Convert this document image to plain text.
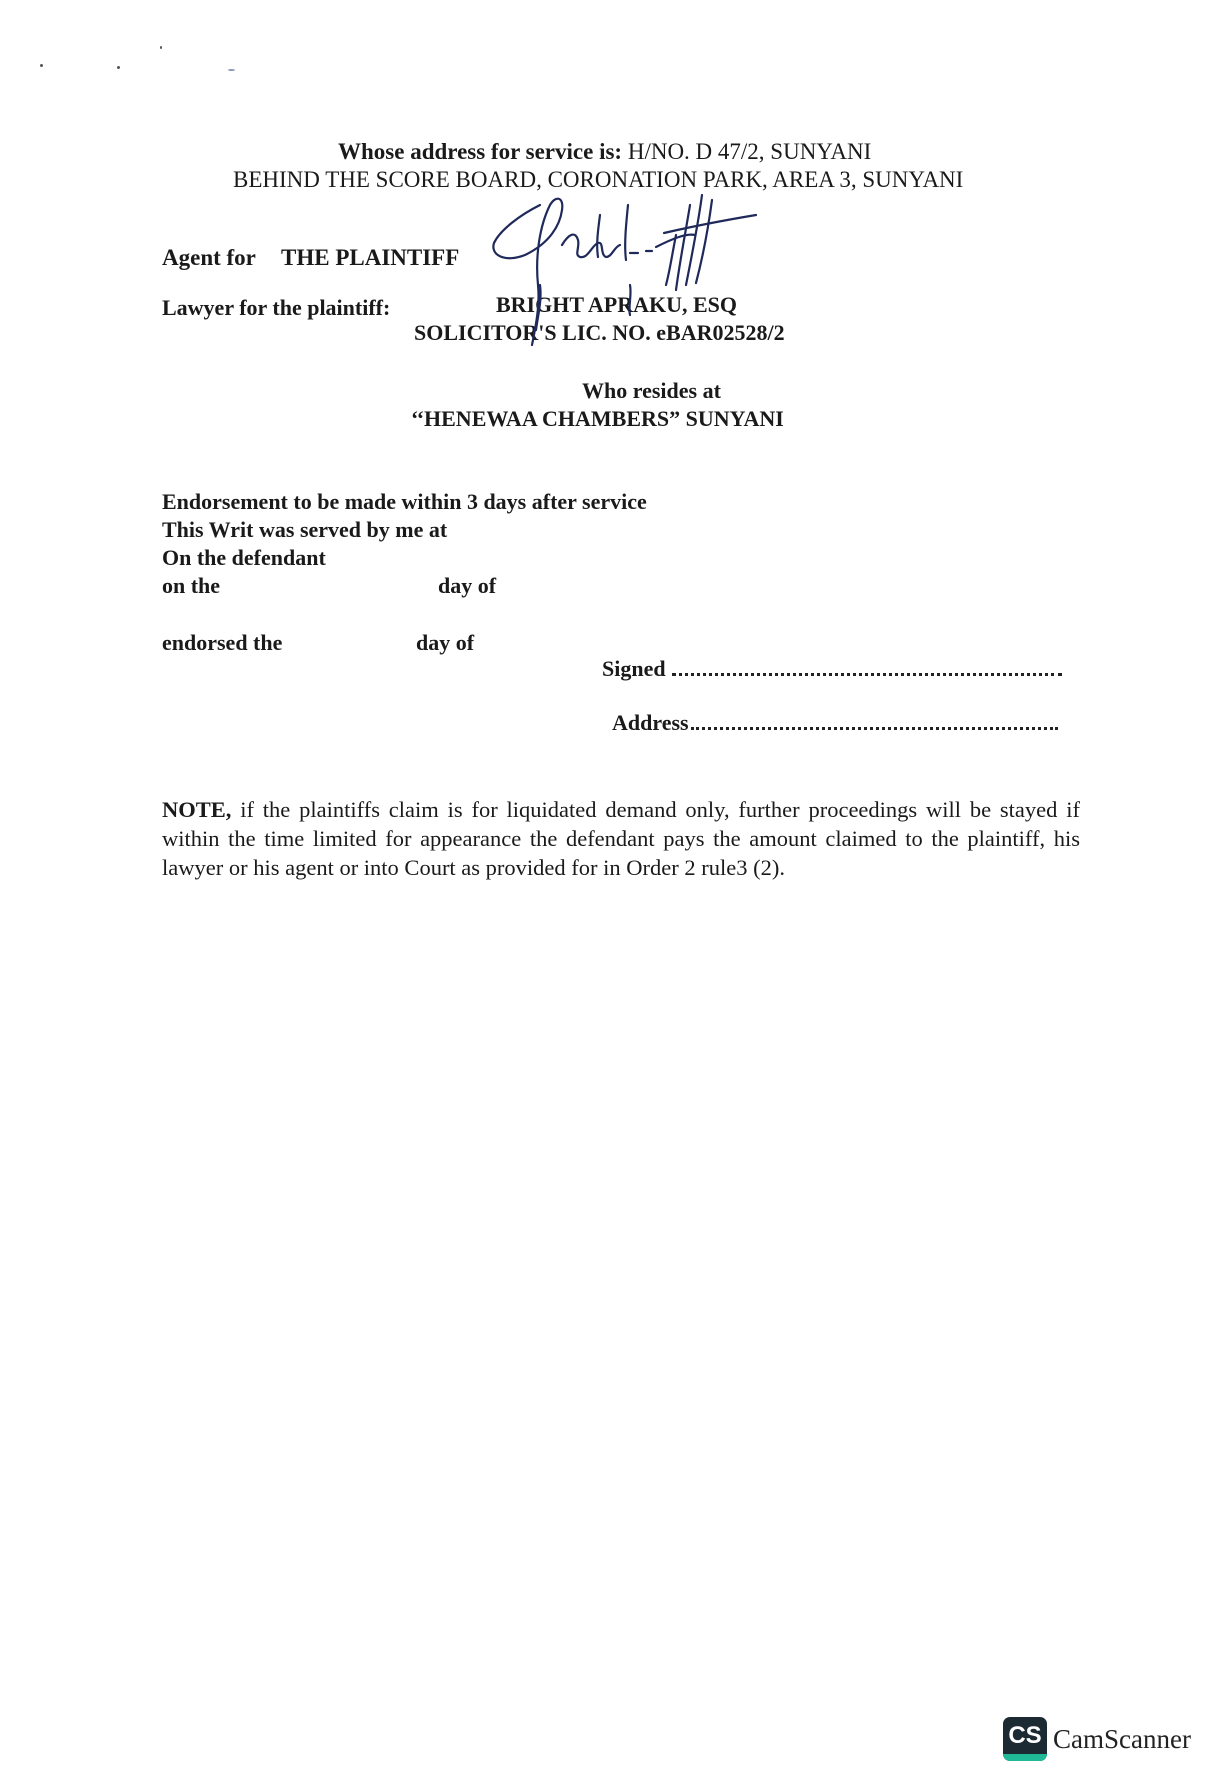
Whose address for service is: H/NO. D 47/2, SUNYANI
BEHIND THE SCORE BOARD, CORONATION PARK, AREA 3, SUNYANI
Agent for THE PLAINTIFF
Lawyer for the plaintiff:	BRIGHT APRAKU, ESQ
SOLICITOR'S LIC. NO. eBAR02528/2
Who resides at
‘‘HENEWAA CHAMBERS” SUNYANI
Endorsement to be made within 3 days after service
This Writ was served by me at
On the defendant
on the	day of
endorsed the	day of
Signed
Address
NOTE, if the plaintiffs claim is for liquidated demand only, further proceedings will be stayed if within the time limited for appearance the defendant pays the amount claimed to the plaintiff, his lawyer or his agent or into Court as provided for in Order 2 rule3 (2).
CS CamScanner
